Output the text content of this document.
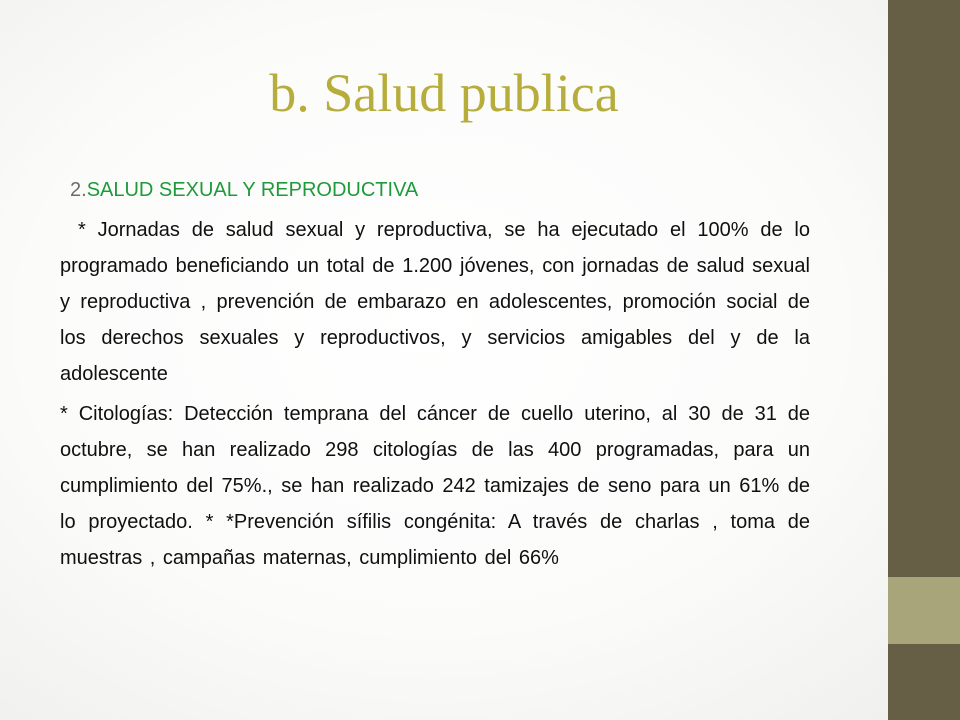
b. Salud publica

2.SALUD SEXUAL Y REPRODUCTIVA

* Jornadas de salud sexual y reproductiva, se ha ejecutado el 100% de lo programado beneficiando un total de 1.200 jóvenes, con jornadas de salud sexual y reproductiva , prevención de embarazo en adolescentes, promoción social de los derechos sexuales y reproductivos, y servicios amigables del y de la adolescente

* Citologías: Detección temprana del cáncer de cuello uterino, al 30 de 31 de octubre, se han realizado 298 citologías de las 400 programadas, para un cumplimiento del 75%., se han realizado 242 tamizajes de seno para un 61% de lo proyectado. * *Prevención sífilis congénita: A través de charlas , toma de muestras , campañas maternas, cumplimiento del 66%
